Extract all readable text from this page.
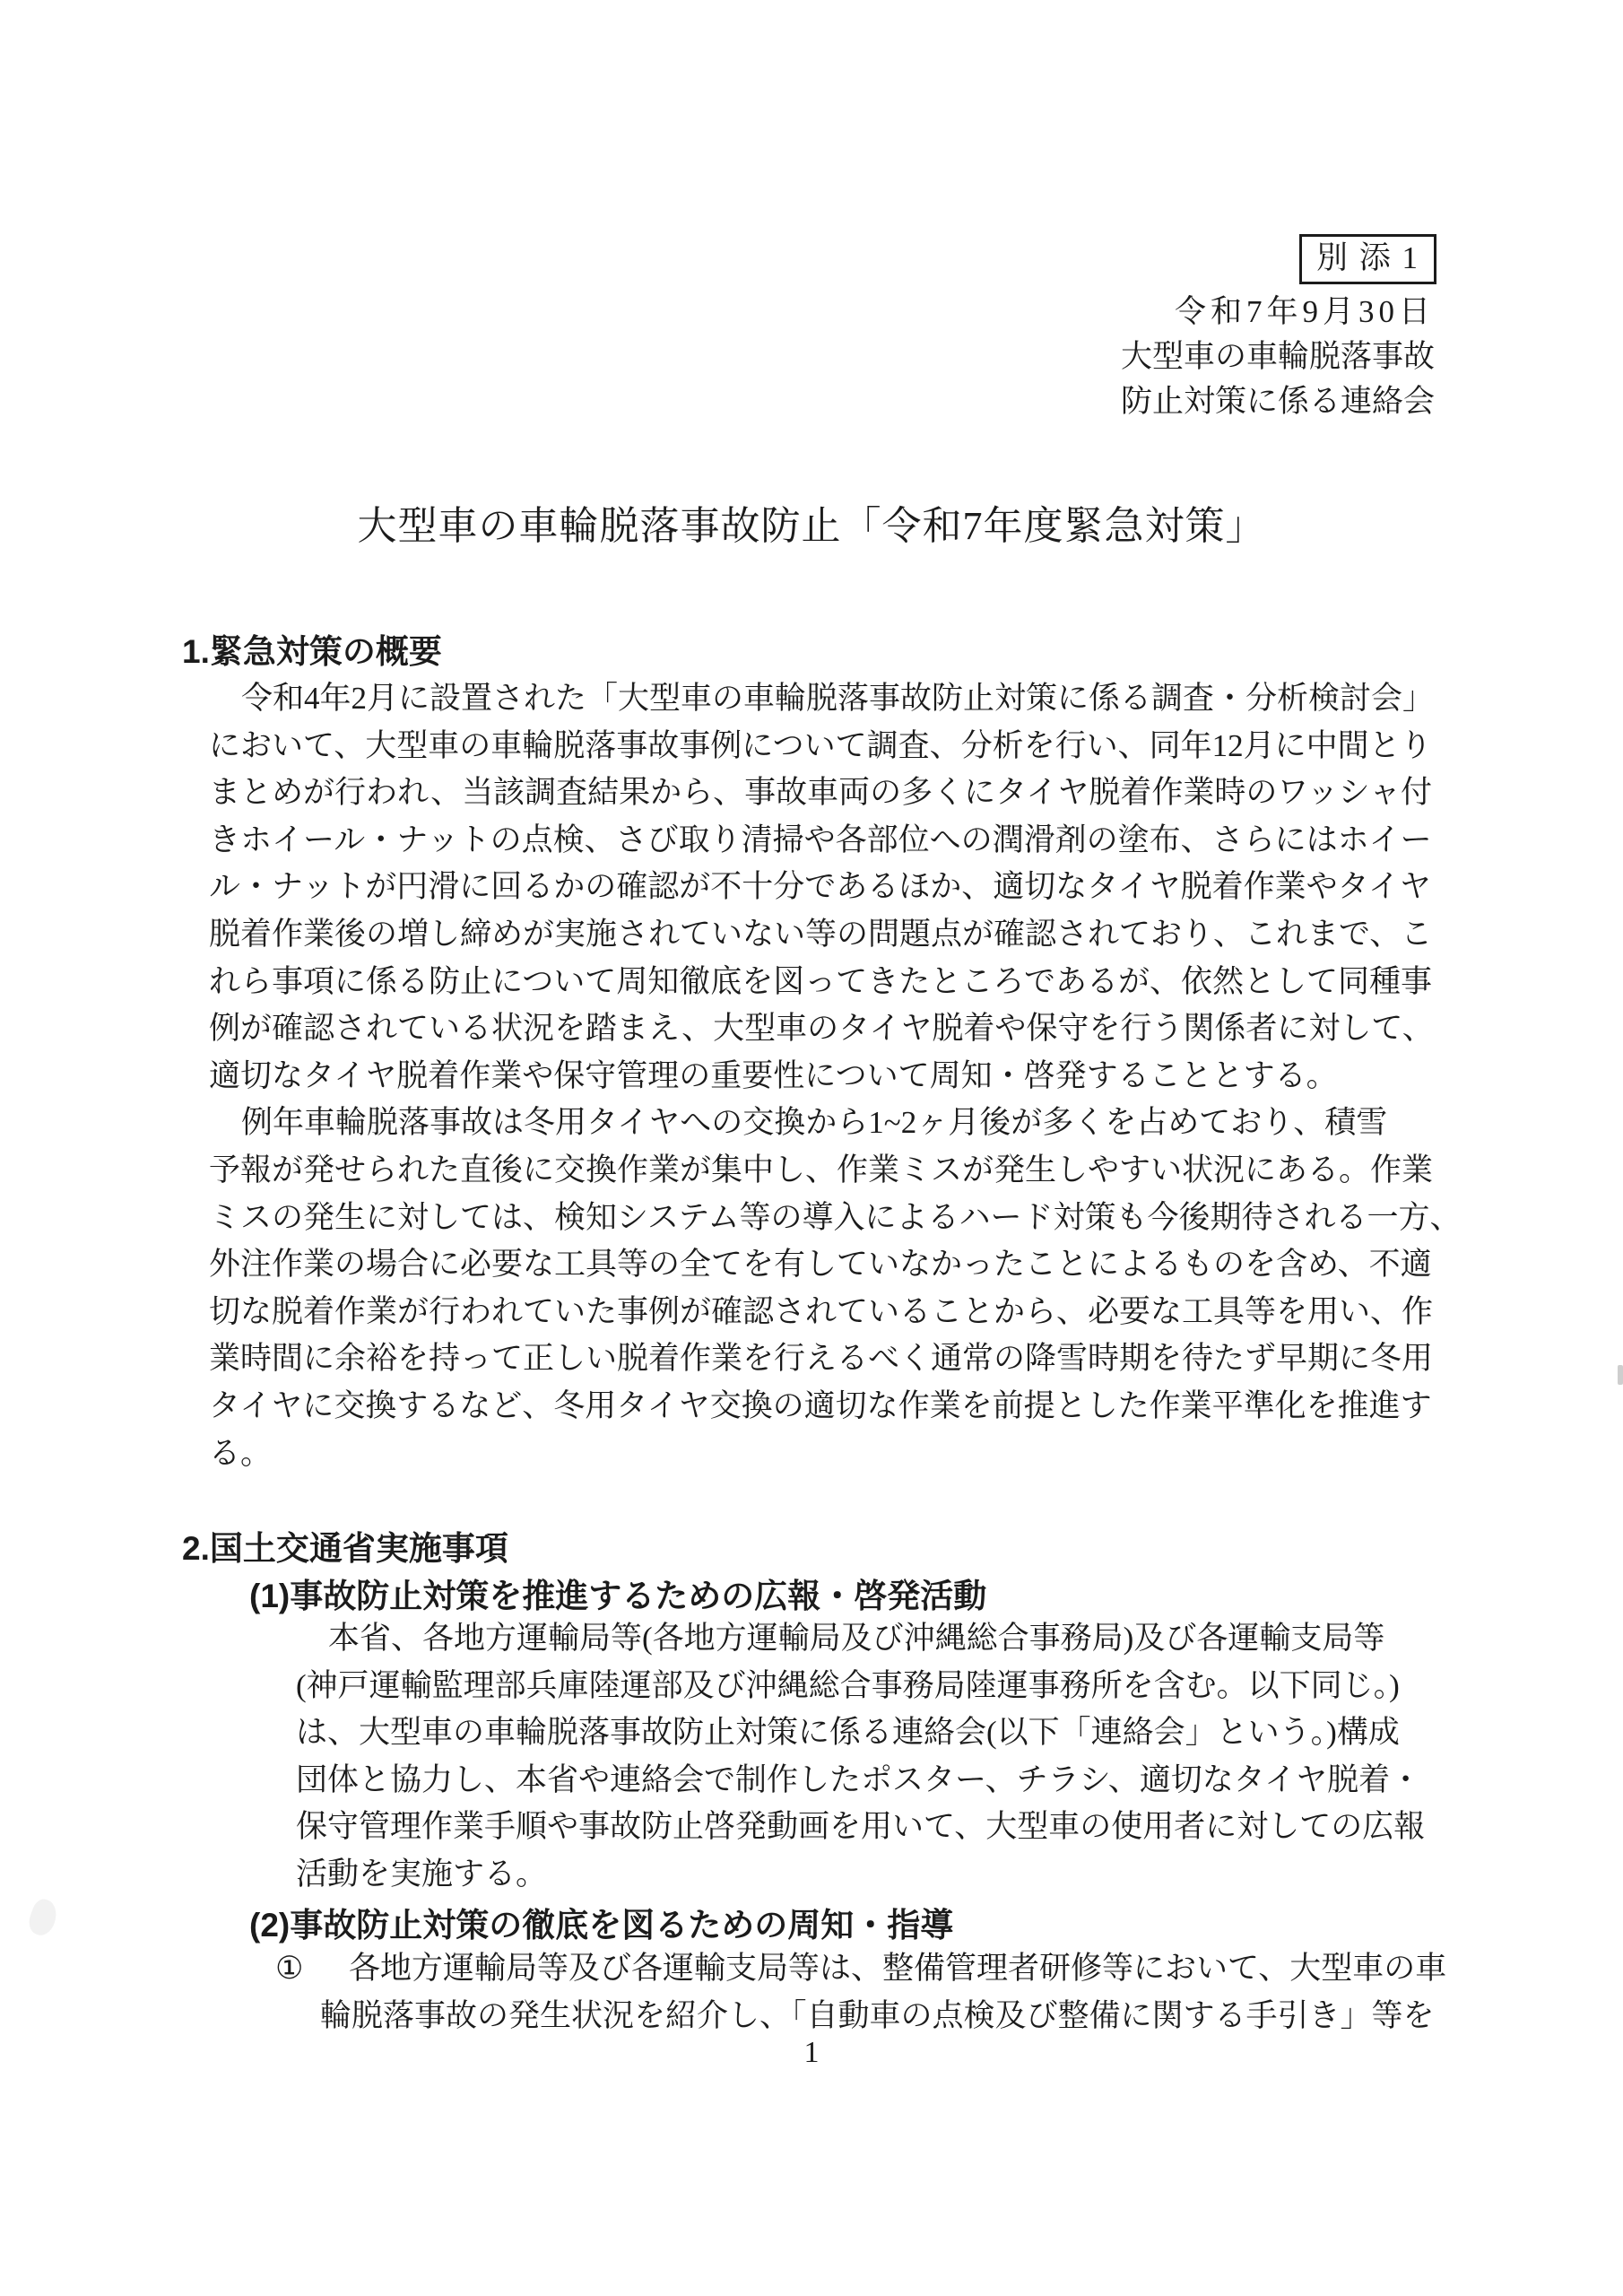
別 添 1
令和7年9月30日
大型車の車輪脱落事故
防止対策に係る連絡会
大型車の車輪脱落事故防止「令和7年度緊急対策」
1.緊急対策の概要
令和4年2月に設置された「大型車の車輪脱落事故防止対策に係る調査・分析検討会」
において、大型車の車輪脱落事故事例について調査、分析を行い、同年12月に中間とり
まとめが行われ、当該調査結果から、事故車両の多くにタイヤ脱着作業時のワッシャ付
きホイール・ナットの点検、さび取り清掃や各部位への潤滑剤の塗布、さらにはホイー
ル・ナットが円滑に回るかの確認が不十分であるほか、適切なタイヤ脱着作業やタイヤ
脱着作業後の増し締めが実施されていない等の問題点が確認されており、これまで、こ
れら事項に係る防止について周知徹底を図ってきたところであるが、依然として同種事
例が確認されている状況を踏まえ、大型車のタイヤ脱着や保守を行う関係者に対して、
適切なタイヤ脱着作業や保守管理の重要性について周知・啓発することとする。
例年車輪脱落事故は冬用タイヤへの交換から1~2ヶ月後が多くを占めており、積雪
予報が発せられた直後に交換作業が集中し、作業ミスが発生しやすい状況にある。作業
ミスの発生に対しては、検知システム等の導入によるハード対策も今後期待される一方、
外注作業の場合に必要な工具等の全てを有していなかったことによるものを含め、不適
切な脱着作業が行われていた事例が確認されていることから、必要な工具等を用い、作
業時間に余裕を持って正しい脱着作業を行えるべく通常の降雪時期を待たず早期に冬用
タイヤに交換するなど、冬用タイヤ交換の適切な作業を前提とした作業平準化を推進す
る。
2.国土交通省実施事項
(1)事故防止対策を推進するための広報・啓発活動
本省、各地方運輸局等(各地方運輸局及び沖縄総合事務局)及び各運輸支局等
(神戸運輸監理部兵庫陸運部及び沖縄総合事務局陸運事務所を含む。以下同じ。)
は、大型車の車輪脱落事故防止対策に係る連絡会(以下「連絡会」という。)構成
団体と協力し、本省や連絡会で制作したポスター、チラシ、適切なタイヤ脱着・
保守管理作業手順や事故防止啓発動画を用いて、大型車の使用者に対しての広報
活動を実施する。
(2)事故防止対策の徹底を図るための周知・指導
①	各地方運輸局等及び各運輸支局等は、整備管理者研修等において、大型車の車
輪脱落事故の発生状況を紹介し、「自動車の点検及び整備に関する手引き」等を
1
